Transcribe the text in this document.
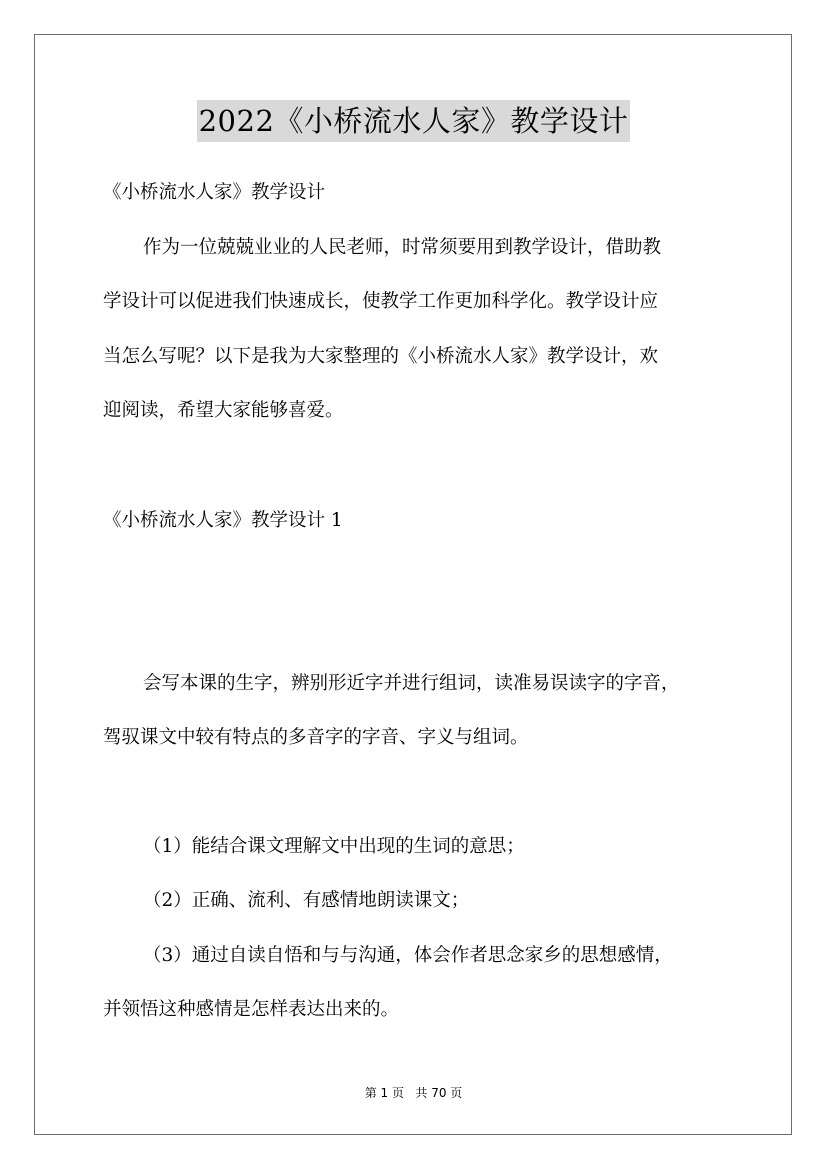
2022《小桥流水人家》教学设计
《小桥流水人家》教学设计
作为一位兢兢业业的人民老师，时常须要用到教学设计，借助教
学设计可以促进我们快速成长，使教学工作更加科学化。教学设计应
当怎么写呢？以下是我为大家整理的《小桥流水人家》教学设计，欢
迎阅读，希望大家能够喜爱。
《小桥流水人家》教学设计 1
会写本课的生字，辨别形近字并进行组词，读准易误读字的字音，
驾驭课文中较有特点的多音字的字音、字义与组词。
（1）能结合课文理解文中出现的生词的意思；
（2）正确、流利、有感情地朗读课文；
（3）通过自读自悟和与与沟通，体会作者思念家乡的思想感情，
并领悟这种感情是怎样表达出来的。
第 1 页 共 70 页
